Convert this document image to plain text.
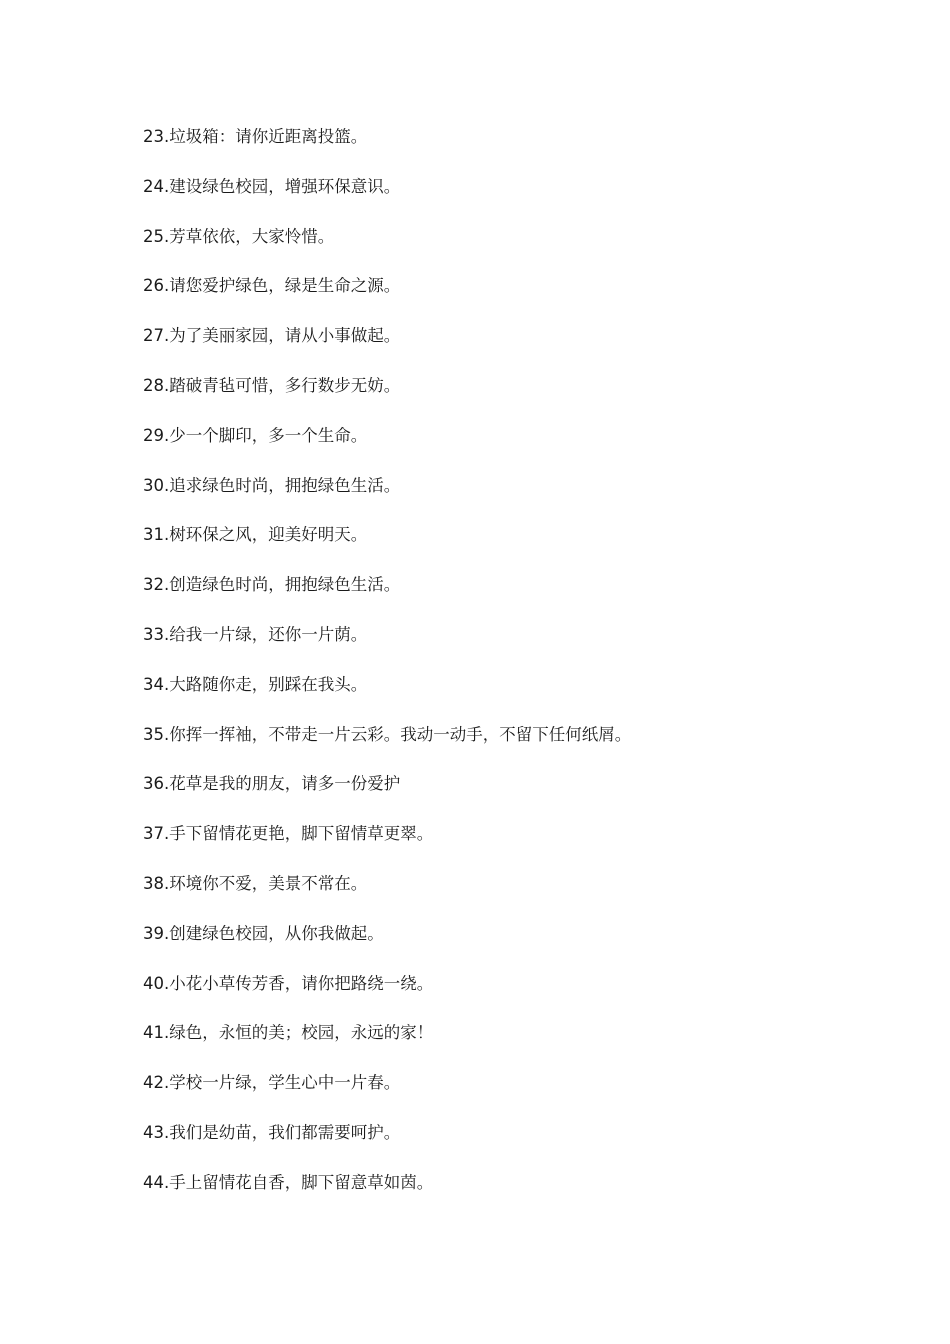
23.垃圾箱：请你近距离投篮。
24.建设绿色校园，增强环保意识。
25.芳草依依，大家怜惜。
26.请您爱护绿色，绿是生命之源。
27.为了美丽家园，请从小事做起。
28.踏破青毡可惜，多行数步无妨。
29.少一个脚印，多一个生命。
30.追求绿色时尚，拥抱绿色生活。
31.树环保之风，迎美好明天。
32.创造绿色时尚，拥抱绿色生活。
33.给我一片绿，还你一片荫。
34.大路随你走，别踩在我头。
35.你挥一挥袖，不带走一片云彩。我动一动手，不留下任何纸屑。
36.花草是我的朋友，请多一份爱护
37.手下留情花更艳，脚下留情草更翠。
38.环境你不爱，美景不常在。
39.创建绿色校园，从你我做起。
40.小花小草传芳香，请你把路绕一绕。
41.绿色，永恒的美；校园，永远的家！
42.学校一片绿，学生心中一片春。
43.我们是幼苗，我们都需要呵护。
44.手上留情花自香，脚下留意草如茵。
